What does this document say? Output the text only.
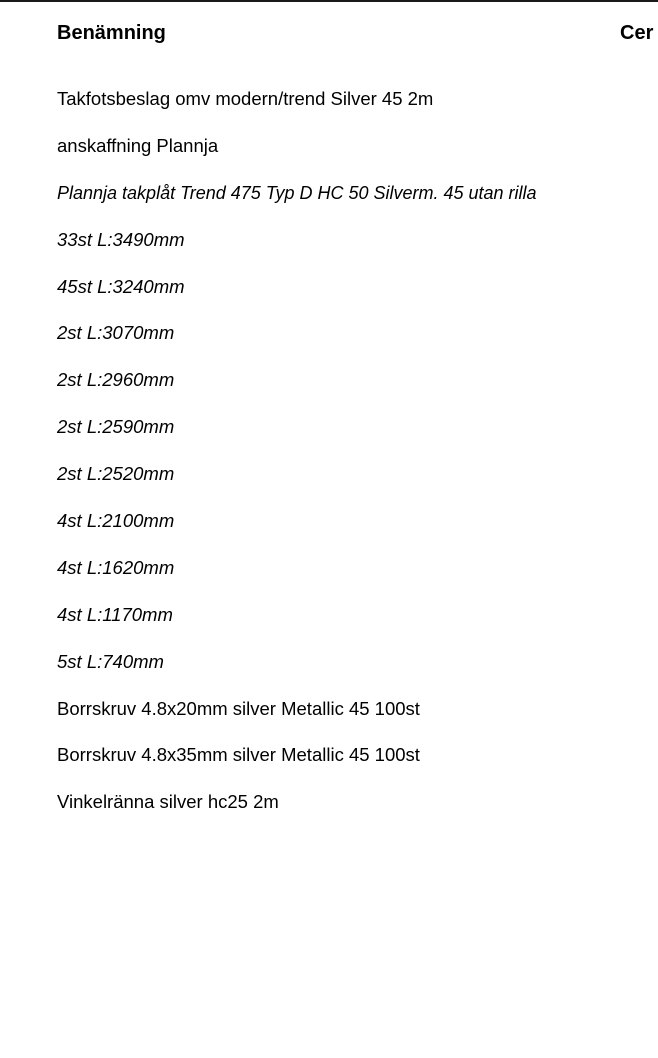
Benämning	Cer
Takfotsbeslag omv modern/trend Silver 45 2m
anskaffning Plannja
Plannja takplåt Trend 475 Typ D HC 50 Silverm. 45 utan rilla
33st L:3490mm
45st L:3240mm
2st L:3070mm
2st L:2960mm
2st L:2590mm
2st L:2520mm
4st L:2100mm
4st L:1620mm
4st L:1170mm
5st L:740mm
Borrskruv 4.8x20mm silver Metallic 45 100st
Borrskruv 4.8x35mm silver Metallic 45 100st
Vinkelränna silver hc25 2m
